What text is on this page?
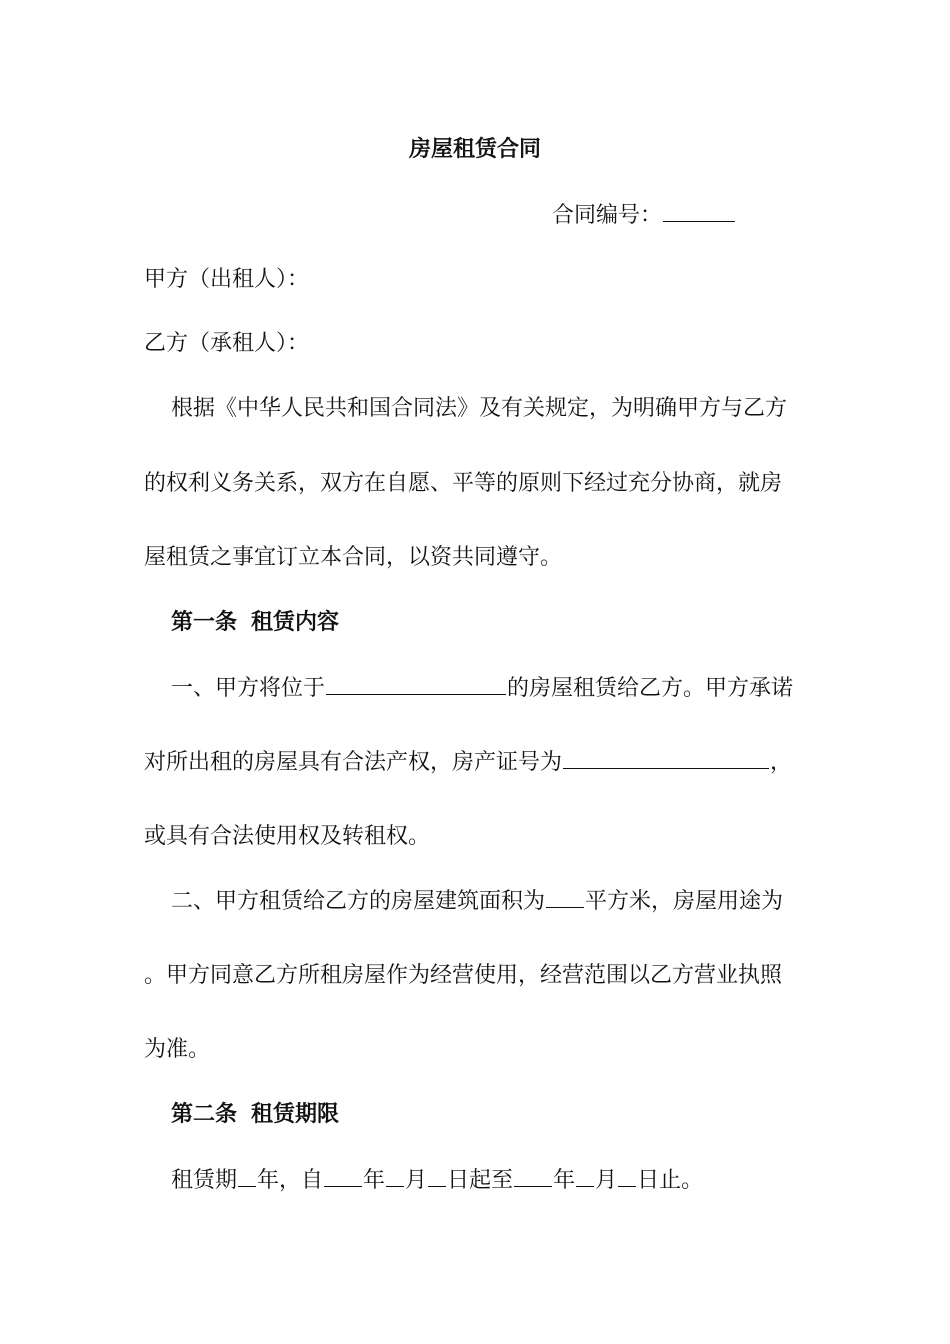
房屋租赁合同
合同编号：
甲方（出租人）：
乙方（承租人）：
根据《中华人民共和国合同法》及有关规定，为明确甲方与乙方
的权利义务关系，双方在自愿、平等的原则下经过充分协商，就房
屋租赁之事宜订立本合同，以资共同遵守。
第一条 租赁内容
一、甲方将位于	的房屋租赁给乙方。甲方承诺
对所出租的房屋具有合法产权，房产证号为	，
或具有合法使用权及转租权。
二、甲方租赁给乙方的房屋建筑面积为 平方米，房屋用途为
。甲方同意乙方所租房屋作为经营使用，经营范围以乙方营业执照
为准。
第二条 租赁期限
租赁期 年，自 年 月 日起至 年 月 日止。
